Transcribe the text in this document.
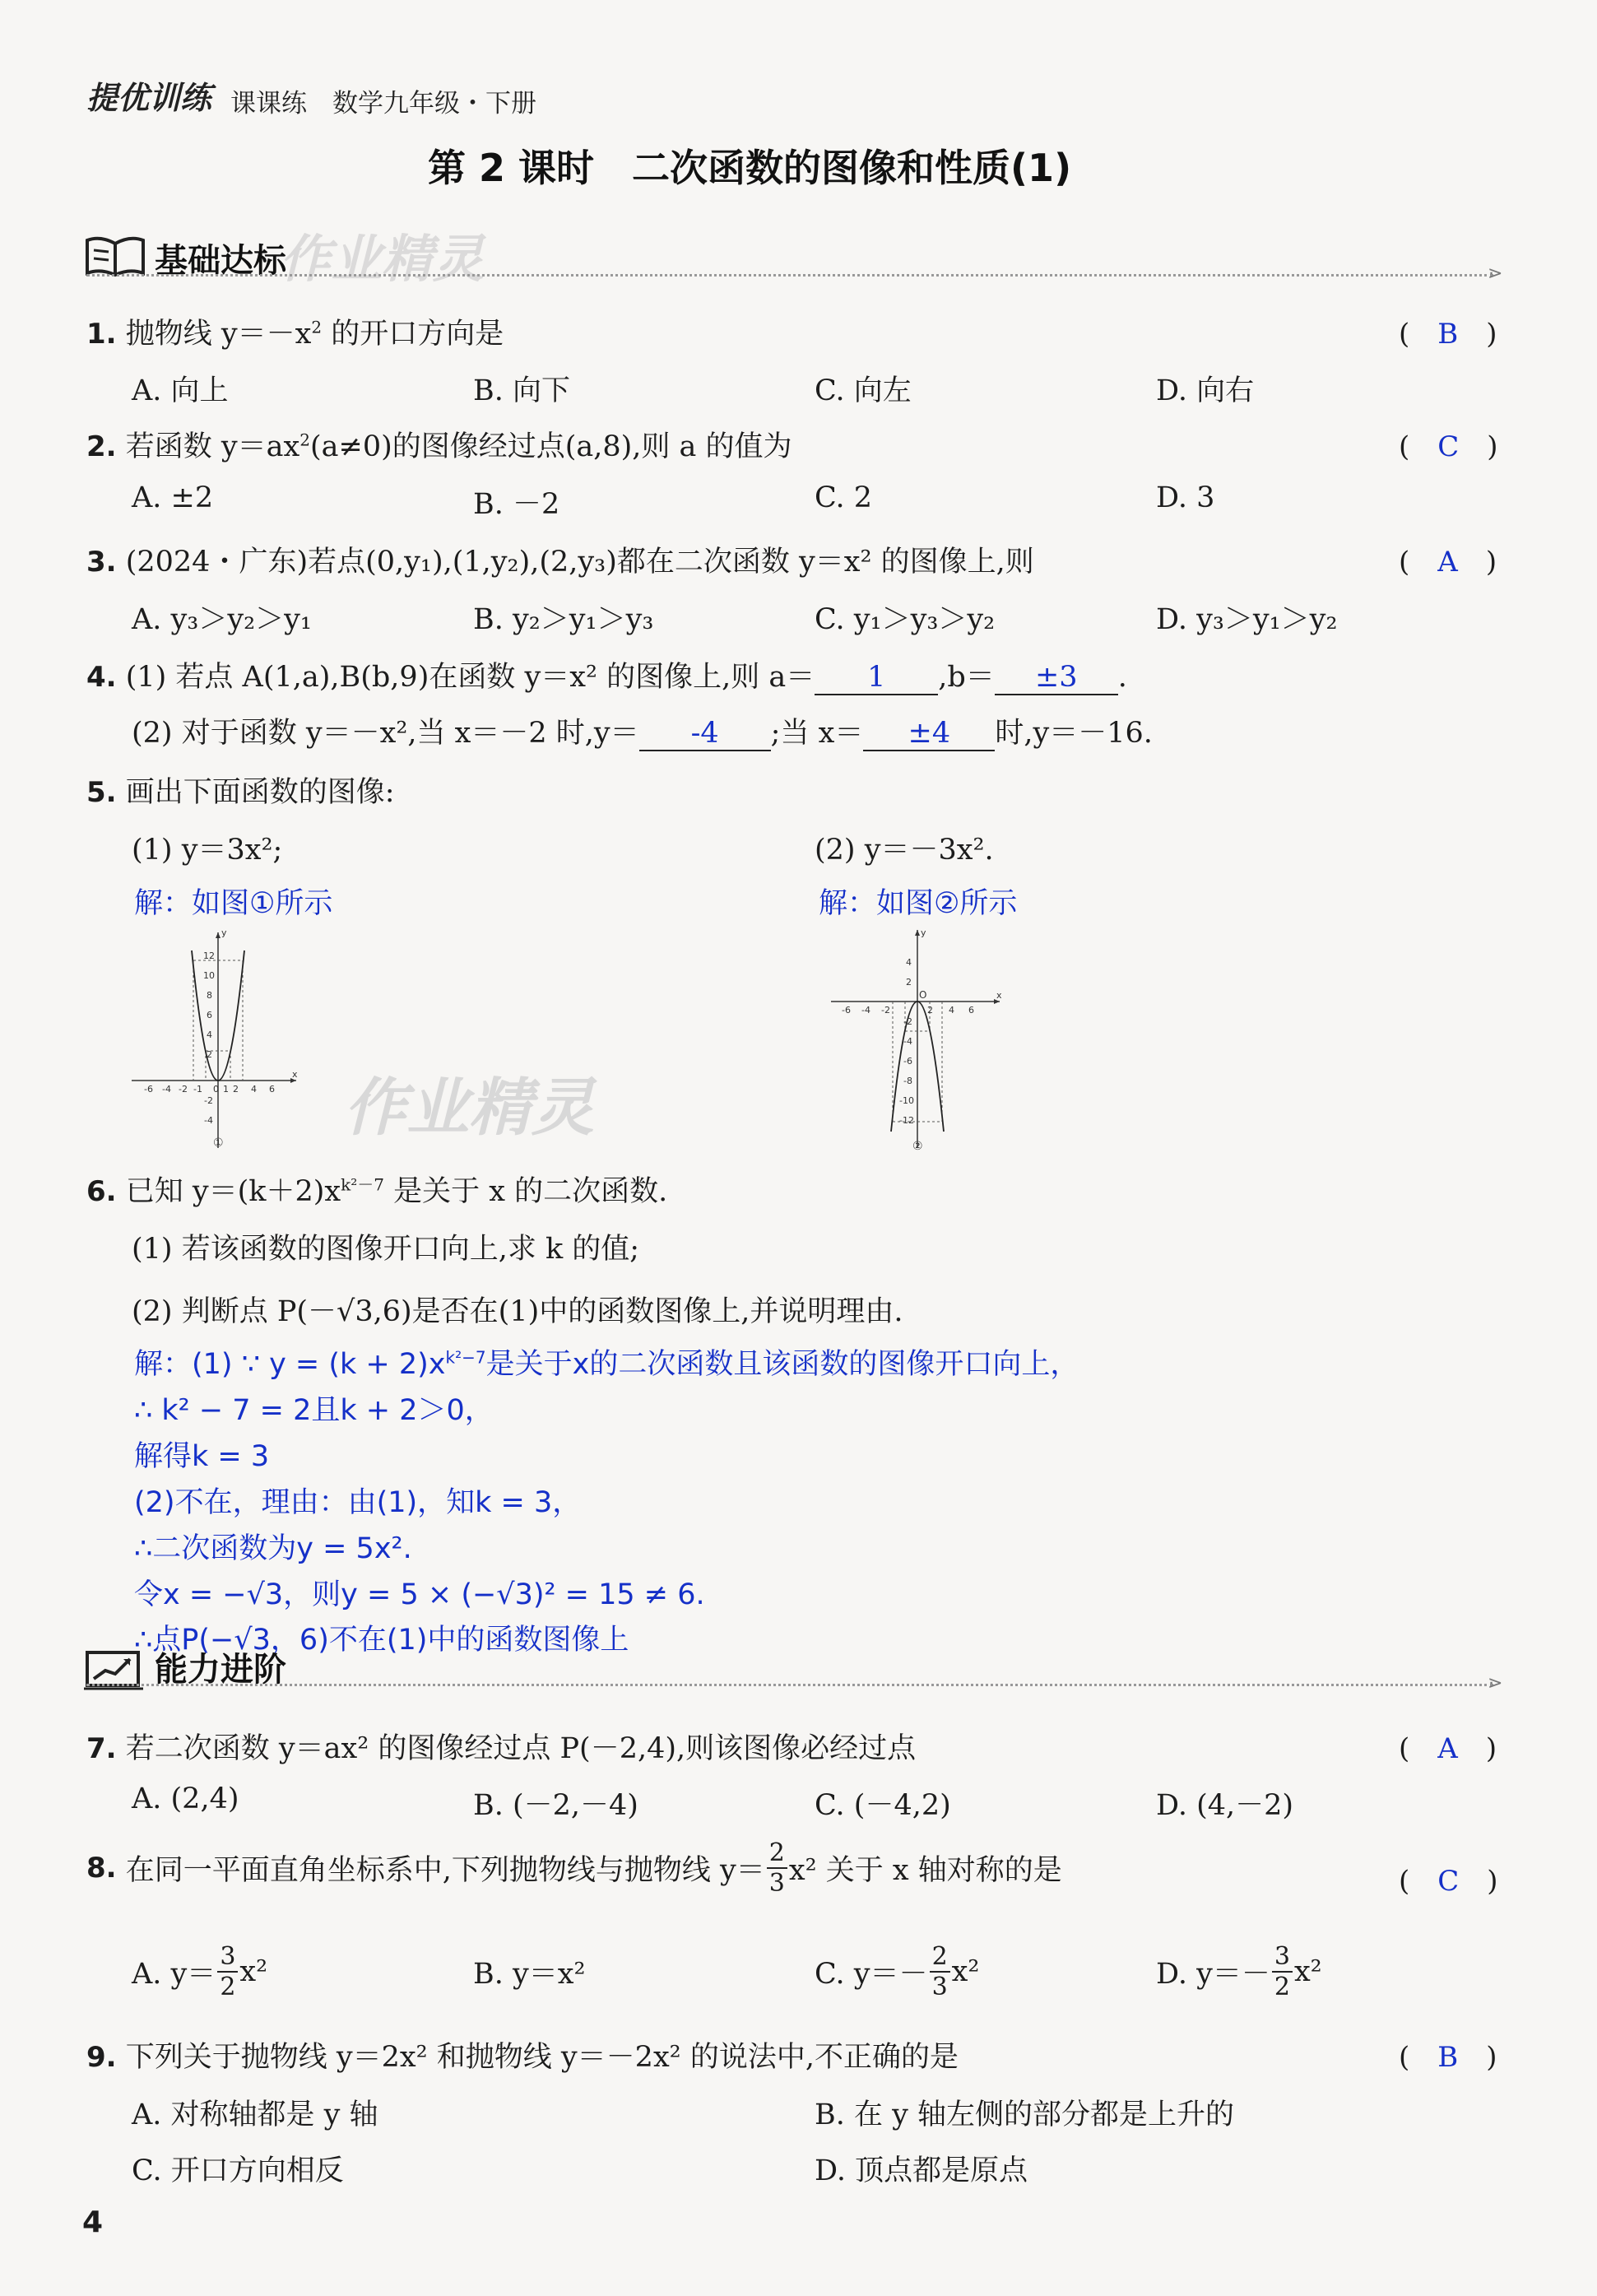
提优训练 课课练　数学九年级・下册
第 2 课时　二次函数的图像和性质(1)
基础达标
作业精灵	⋗
1. 抛物线 $y=-x^2$ 的开口方向是	(　B　)
A. 向上	B. 向下	C. 向左	D. 向右
2. 若函数 $y=ax^2(a\ne 0)$的图像经过点(a,8),则 a 的值为	(　C　)
A. ±2	B. －2	C. 2	D. 3
3. (2024・广东)若点(0,y₁),(1,y₂),(2,y₃)都在二次函数 y＝x² 的图像上,则	(　A　)
A. y₃＞y₂＞y₁	B. y₂＞y₁＞y₃	C. y₁＞y₃＞y₂	D. y₃＞y₁＞y₂
4. (1) 若点 A(1,a),B(b,9)在函数 y＝x² 的图像上,则 a＝ 1 ,b＝ ±3 .
(2) 对于函数 y＝－x²,当 x＝－2 时,y＝ -4 ;当 x＝ ±4 时,y＝－16.
5. 画出下面函数的图像:
(1) y＝3x²;	(2) y＝－3x².
解：如图①所示	解：如图②所示
x
y
12
10
8
6
4
2
-2
-4
-6 -4 -2 -1 0 1 2 4 6
① 作业精灵
x
y
O
4
2
-2
-4
-6
-8
-10
-12
-6 -4 -2	2 4 6
②
6. 已知 $y=(k+2)x^{k^2-7}$ 是关于 x 的二次函数.
(1) 若该函数的图像开口向上,求 k 的值;
(2) 判断点 P(－√3,6)是否在(1)中的函数图像上,并说明理由.
解：(1) ∵ $y = (k + 2)x^{k^2-7}$是关于x的二次函数且该函数的图像开口向上，
∴ k² − 7 = 2且k + 2＞0，
解得k = 3
(2)不在，理由：由(1)，知k = 3，
∴二次函数为y = 5x².
令x = −√3，则y = 5 × (−√3)² = 15 ≠ 6.
∴点P(−√3，6)不在(1)中的函数图像上
能力进阶	⋗
7. 若二次函数 y＝ax² 的图像经过点 P(－2,4),则该图像必经过点	(　A　)
A. (2,4)	B. (－2,－4)	C. (－4,2)	D. (4,－2)
8.
在同一平面直角坐标系中,下列抛物线与抛物线 $y= \frac{2}{3} x^2$ 关于 x 轴对称的是	(　C　)
A. $y= \frac{3}{2} x^2$	B. y＝x²	C. $y=- \frac{2}{3} x^2$	D. $y=- \frac{3}{2} x^2$
9. 下列关于抛物线 y＝2x² 和抛物线 y＝－2x² 的说法中,不正确的是	(　B　)
A. 对称轴都是 y 轴	B. 在 y 轴左侧的部分都是上升的
C. 开口方向相反	D. 顶点都是原点
4
